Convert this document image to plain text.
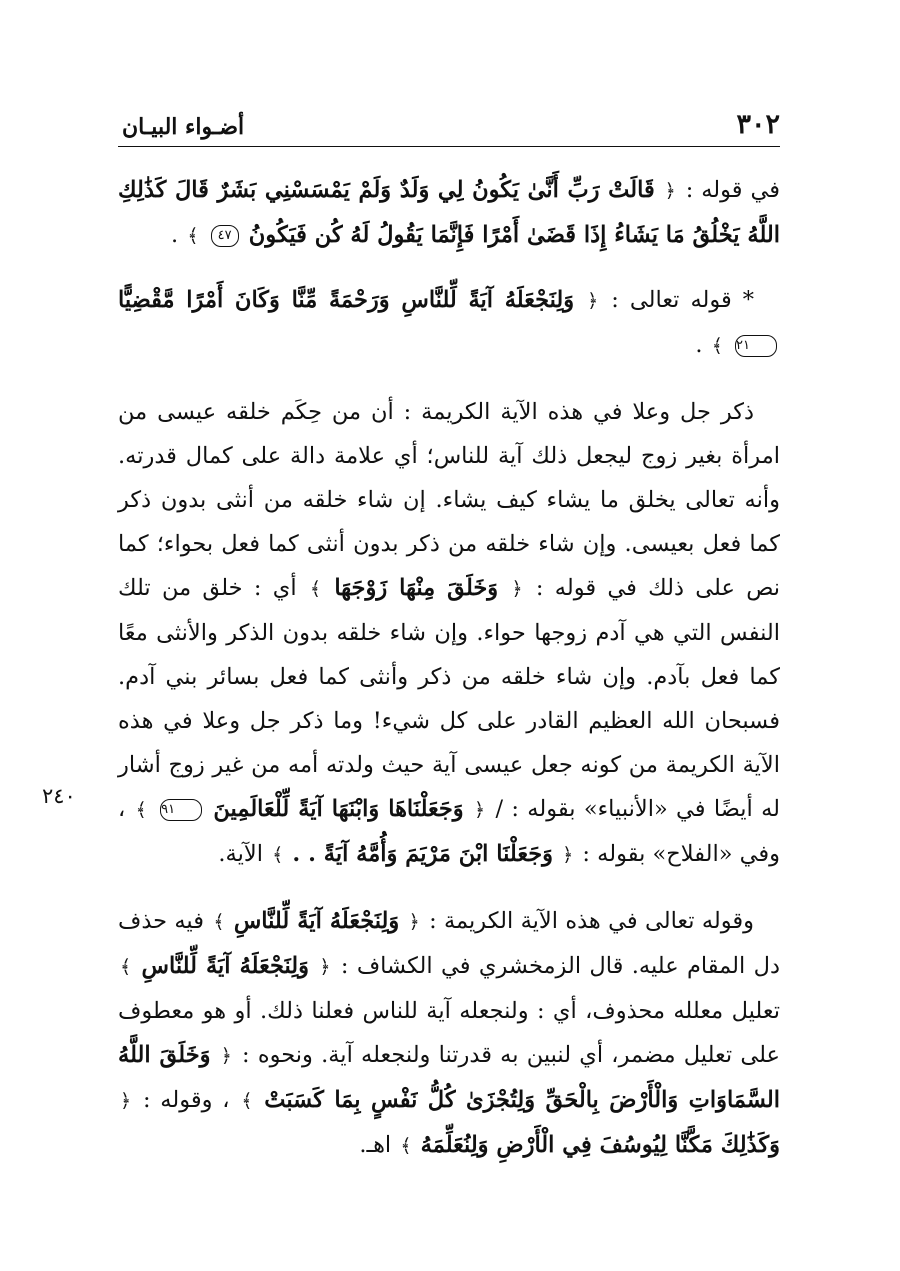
٣٠٢
أضـواء البيـان
٢٤٠

في قوله : ﴿ قَالَتْ رَبِّ أَنَّىٰ يَكُونُ لِي وَلَدٌ وَلَمْ يَمْسَسْنِي بَشَرٌ قَالَ كَذَٰلِكِ اللَّهُ يَخْلُقُ مَا يَشَاءُ إِذَا قَضَىٰ أَمْرًا فَإِنَّمَا يَقُولُ لَهُ كُن فَيَكُونُ ٤٧ ﴾ .

* قوله تعالى : ﴿ وَلِنَجْعَلَهُ آيَةً لِّلنَّاسِ وَرَحْمَةً مِّنَّا وَكَانَ أَمْرًا مَّقْضِيًّا ٢١ ﴾ .

ذكر جل وعلا في هذه الآية الكريمة : أن من حِكَم خلقه عيسى من امرأة بغير زوج ليجعل ذلك آية للناس؛ أي علامة دالة على كمال قدرته. وأنه تعالى يخلق ما يشاء كيف يشاء. إن شاء خلقه من أنثى بدون ذكر كما فعل بعيسى. وإن شاء خلقه من ذكر بدون أنثى كما فعل بحواء؛ كما نص على ذلك في قوله : ﴿ وَخَلَقَ مِنْهَا زَوْجَهَا ﴾ أي : خلق من تلك النفس التي هي آدم زوجها حواء. وإن شاء خلقه بدون الذكر والأنثى معًا كما فعل بآدم. وإن شاء خلقه من ذكر وأنثى كما فعل بسائر بني آدم. فسبحان الله العظيم القادر على كل شيء! وما ذكر جل وعلا في هذه الآية الكريمة من كونه جعل عيسى آية حيث ولدته أمه من غير زوج أشار له أيضًا في «الأنبياء» بقوله : / ﴿ وَجَعَلْنَاهَا وَابْنَهَا آيَةً لِّلْعَالَمِينَ ٩١ ﴾ ، وفي «الفلاح» بقوله : ﴿ وَجَعَلْنَا ابْنَ مَرْيَمَ وَأُمَّهُ آيَةً . . ﴾ الآية.

وقوله تعالى في هذه الآية الكريمة : ﴿ وَلِنَجْعَلَهُ آيَةً لِّلنَّاسِ ﴾ فيه حذف دل المقام عليه. قال الزمخشري في الكشاف : ﴿ وَلِنَجْعَلَهُ آيَةً لِّلنَّاسِ ﴾ تعليل معلله محذوف، أي : ولنجعله آية للناس فعلنا ذلك. أو هو معطوف على تعليل مضمر، أي لنبين به قدرتنا ولنجعله آية. ونحوه : ﴿ وَخَلَقَ اللَّهُ السَّمَاوَاتِ وَالْأَرْضَ بِالْحَقِّ وَلِتُجْزَىٰ كُلُّ نَفْسٍ بِمَا كَسَبَتْ ﴾ ، وقوله : ﴿ وَكَذَٰلِكَ مَكَّنَّا لِيُوسُفَ فِي الْأَرْضِ وَلِنُعَلِّمَهُ ﴾ اهـ.
